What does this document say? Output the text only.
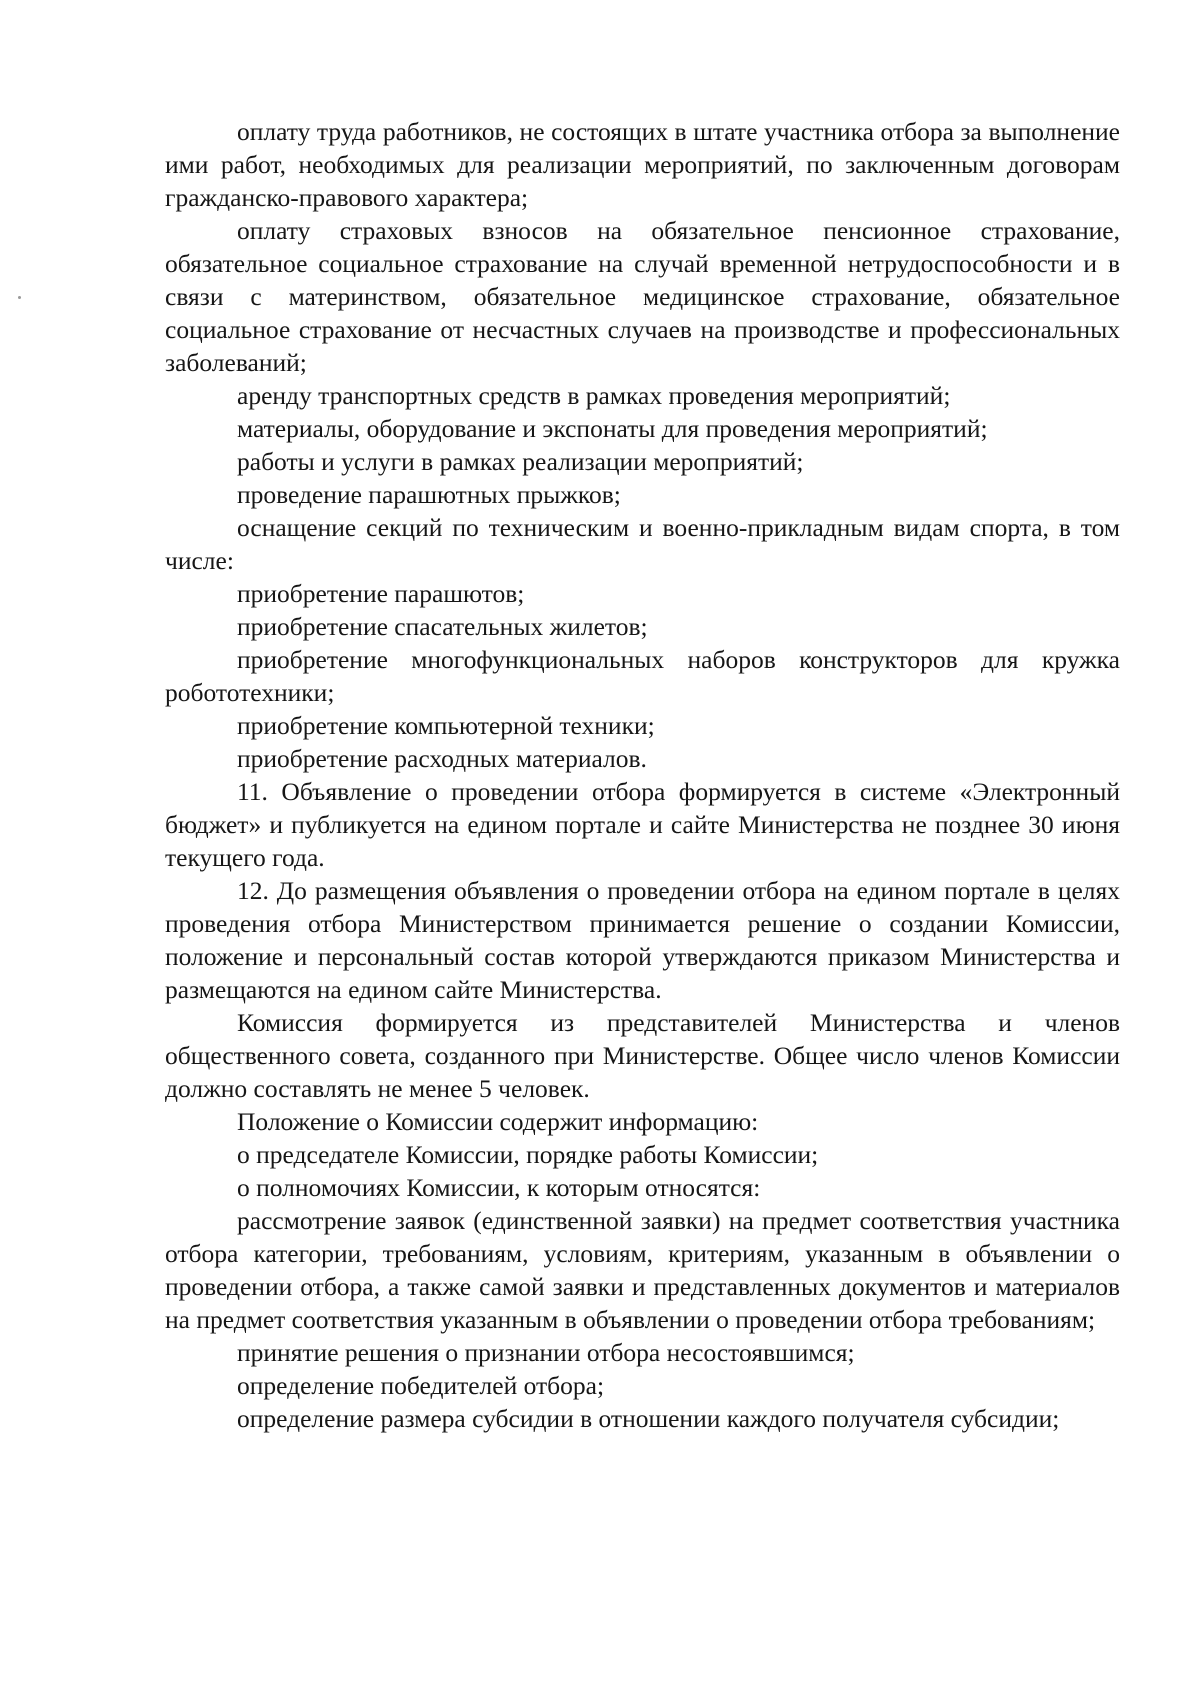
оплату труда работников, не состоящих в штате участника отбора за выполнение ими работ, необходимых для реализации мероприятий, по заключенным договорам гражданско-правового характера;

оплату страховых взносов на обязательное пенсионное страхование, обязательное социальное страхование на случай временной нетрудоспособности и в связи с материнством, обязательное медицинское страхование, обязательное социальное страхование от несчастных случаев на производстве и профессиональных заболеваний;

аренду транспортных средств в рамках проведения мероприятий;

материалы, оборудование и экспонаты для проведения мероприятий;

работы и услуги в рамках реализации мероприятий;

проведение парашютных прыжков;

оснащение секций по техническим и военно-прикладным видам спорта, в том числе:

приобретение парашютов;

приобретение спасательных жилетов;

приобретение многофункциональных наборов конструкторов для кружка робототехники;

приобретение компьютерной техники;

приобретение расходных материалов.

11. Объявление о проведении отбора формируется в системе «Электронный бюджет» и публикуется на едином портале и сайте Министерства не позднее 30 июня текущего года.

12. До размещения объявления о проведении отбора на едином портале в целях проведения отбора Министерством принимается решение о создании Комиссии, положение и персональный состав которой утверждаются приказом Министерства и размещаются на едином сайте Министерства.

Комиссия формируется из представителей Министерства и членов общественного совета, созданного при Министерстве. Общее число членов Комиссии должно составлять не менее 5 человек.

Положение о Комиссии содержит информацию:

о председателе Комиссии, порядке работы Комиссии;

о полномочиях Комиссии, к которым относятся:

рассмотрение заявок (единственной заявки) на предмет соответствия участника отбора категории, требованиям, условиям, критериям, указанным в объявлении о проведении отбора, а также самой заявки и представленных документов и материалов на предмет соответствия указанным в объявлении о проведении отбора требованиям;

принятие решения о признании отбора несостоявшимся;

определение победителей отбора;

определение размера субсидии в отношении каждого получателя субсидии;
